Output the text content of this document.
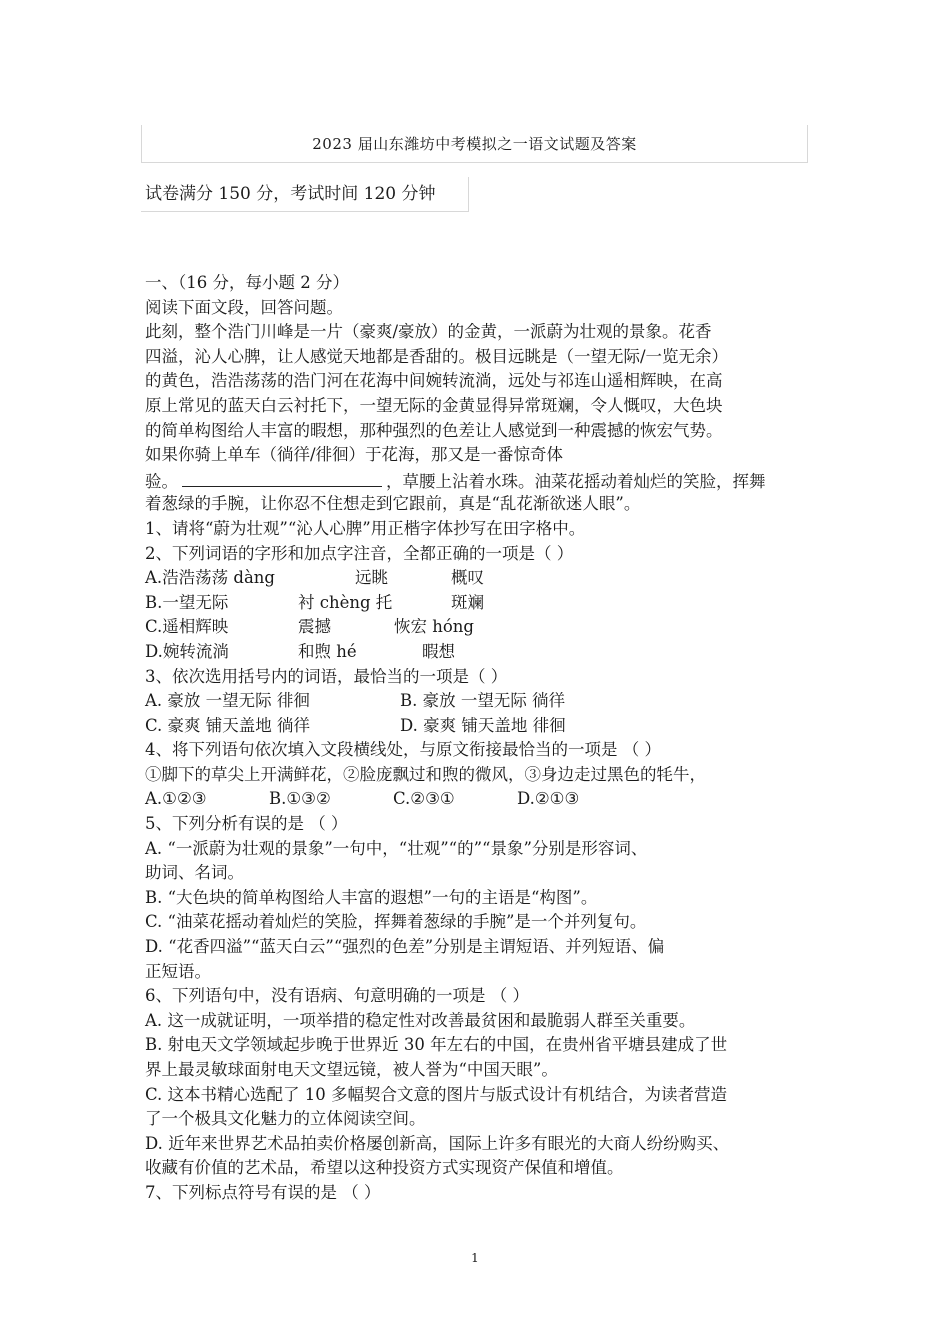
2023 届山东潍坊中考模拟之一语文试题及答案
试卷满分 150 分，考试时间 120 分钟
一、（16 分，每小题 2 分）
阅读下面文段，回答问题。
此刻，整个浩门川峰是一片（豪爽/豪放）的金黄，一派蔚为壮观的景象。花香
四溢，沁人心脾，让人感觉天地都是香甜的。极目远眺是（一望无际/一览无余）
的黄色，浩浩荡荡的浩门河在花海中间婉转流淌，远处与祁连山遥相辉映，在高
原上常见的蓝天白云衬托下，一望无际的金黄显得异常斑斓，令人慨叹，大色块
的简单构图给人丰富的暇想，那种强烈的色差让人感觉到一种震撼的恢宏气势。
如果你骑上单车（徜徉/徘徊）于花海，那又是一番惊奇体
验。	，草腰上沾着水珠。油菜花摇动着灿烂的笑脸，挥舞
着葱绿的手腕，让你忍不住想走到它跟前，真是“乱花渐欲迷人眼”。
1、请将“蔚为壮观”“沁人心脾”用正楷字体抄写在田字格中。
2、下列词语的字形和加点字注音，全都正确的一项是（ ）
A.浩浩荡荡 dàng	远眺	概叹
B.一望无际	衬 chèng 托	斑斓
C.遥相辉映	震撼	恢宏 hóng
D.婉转流淌	和煦 hé	暇想
3、依次选用括号内的词语，最恰当的一项是（ ）
A. 豪放 一望无际 徘徊	B. 豪放 一望无际 徜徉
C. 豪爽 铺天盖地 徜徉	D. 豪爽 铺天盖地 徘徊
4、将下列语句依次填入文段横线处，与原文衔接最恰当的一项是 （ ）
①脚下的草尖上开满鲜花，②脸庞飘过和煦的微风，③身边走过黑色的牦牛，
A.①②③	B.①③②	C.②③①	D.②①③
5、下列分析有误的是 （ ）
A. “一派蔚为壮观的景象”一句中，“壮观”“的”“景象”分别是形容词、
助词、名词。
B. “大色块的简单构图给人丰富的遐想”一句的主语是“构图”。
C. “油菜花摇动着灿烂的笑脸，挥舞着葱绿的手腕”是一个并列复句。
D. “花香四溢”“蓝天白云”“强烈的色差”分别是主谓短语、并列短语、偏
正短语。
6、下列语句中，没有语病、句意明确的一项是 （ ）
A. 这一成就证明，一项举措的稳定性对改善最贫困和最脆弱人群至关重要。
B. 射电天文学领域起步晚于世界近 30 年左右的中国，在贵州省平塘县建成了世
界上最灵敏球面射电天文望远镜，被人誉为“中国天眼”。
C. 这本书精心选配了 10 多幅契合文意的图片与版式设计有机结合，为读者营造
了一个极具文化魅力的立体阅读空间。
D. 近年来世界艺术品拍卖价格屡创新高，国际上许多有眼光的大商人纷纷购买、
收藏有价值的艺术品，希望以这种投资方式实现资产保值和增值。
7、下列标点符号有误的是 （ ）
1
